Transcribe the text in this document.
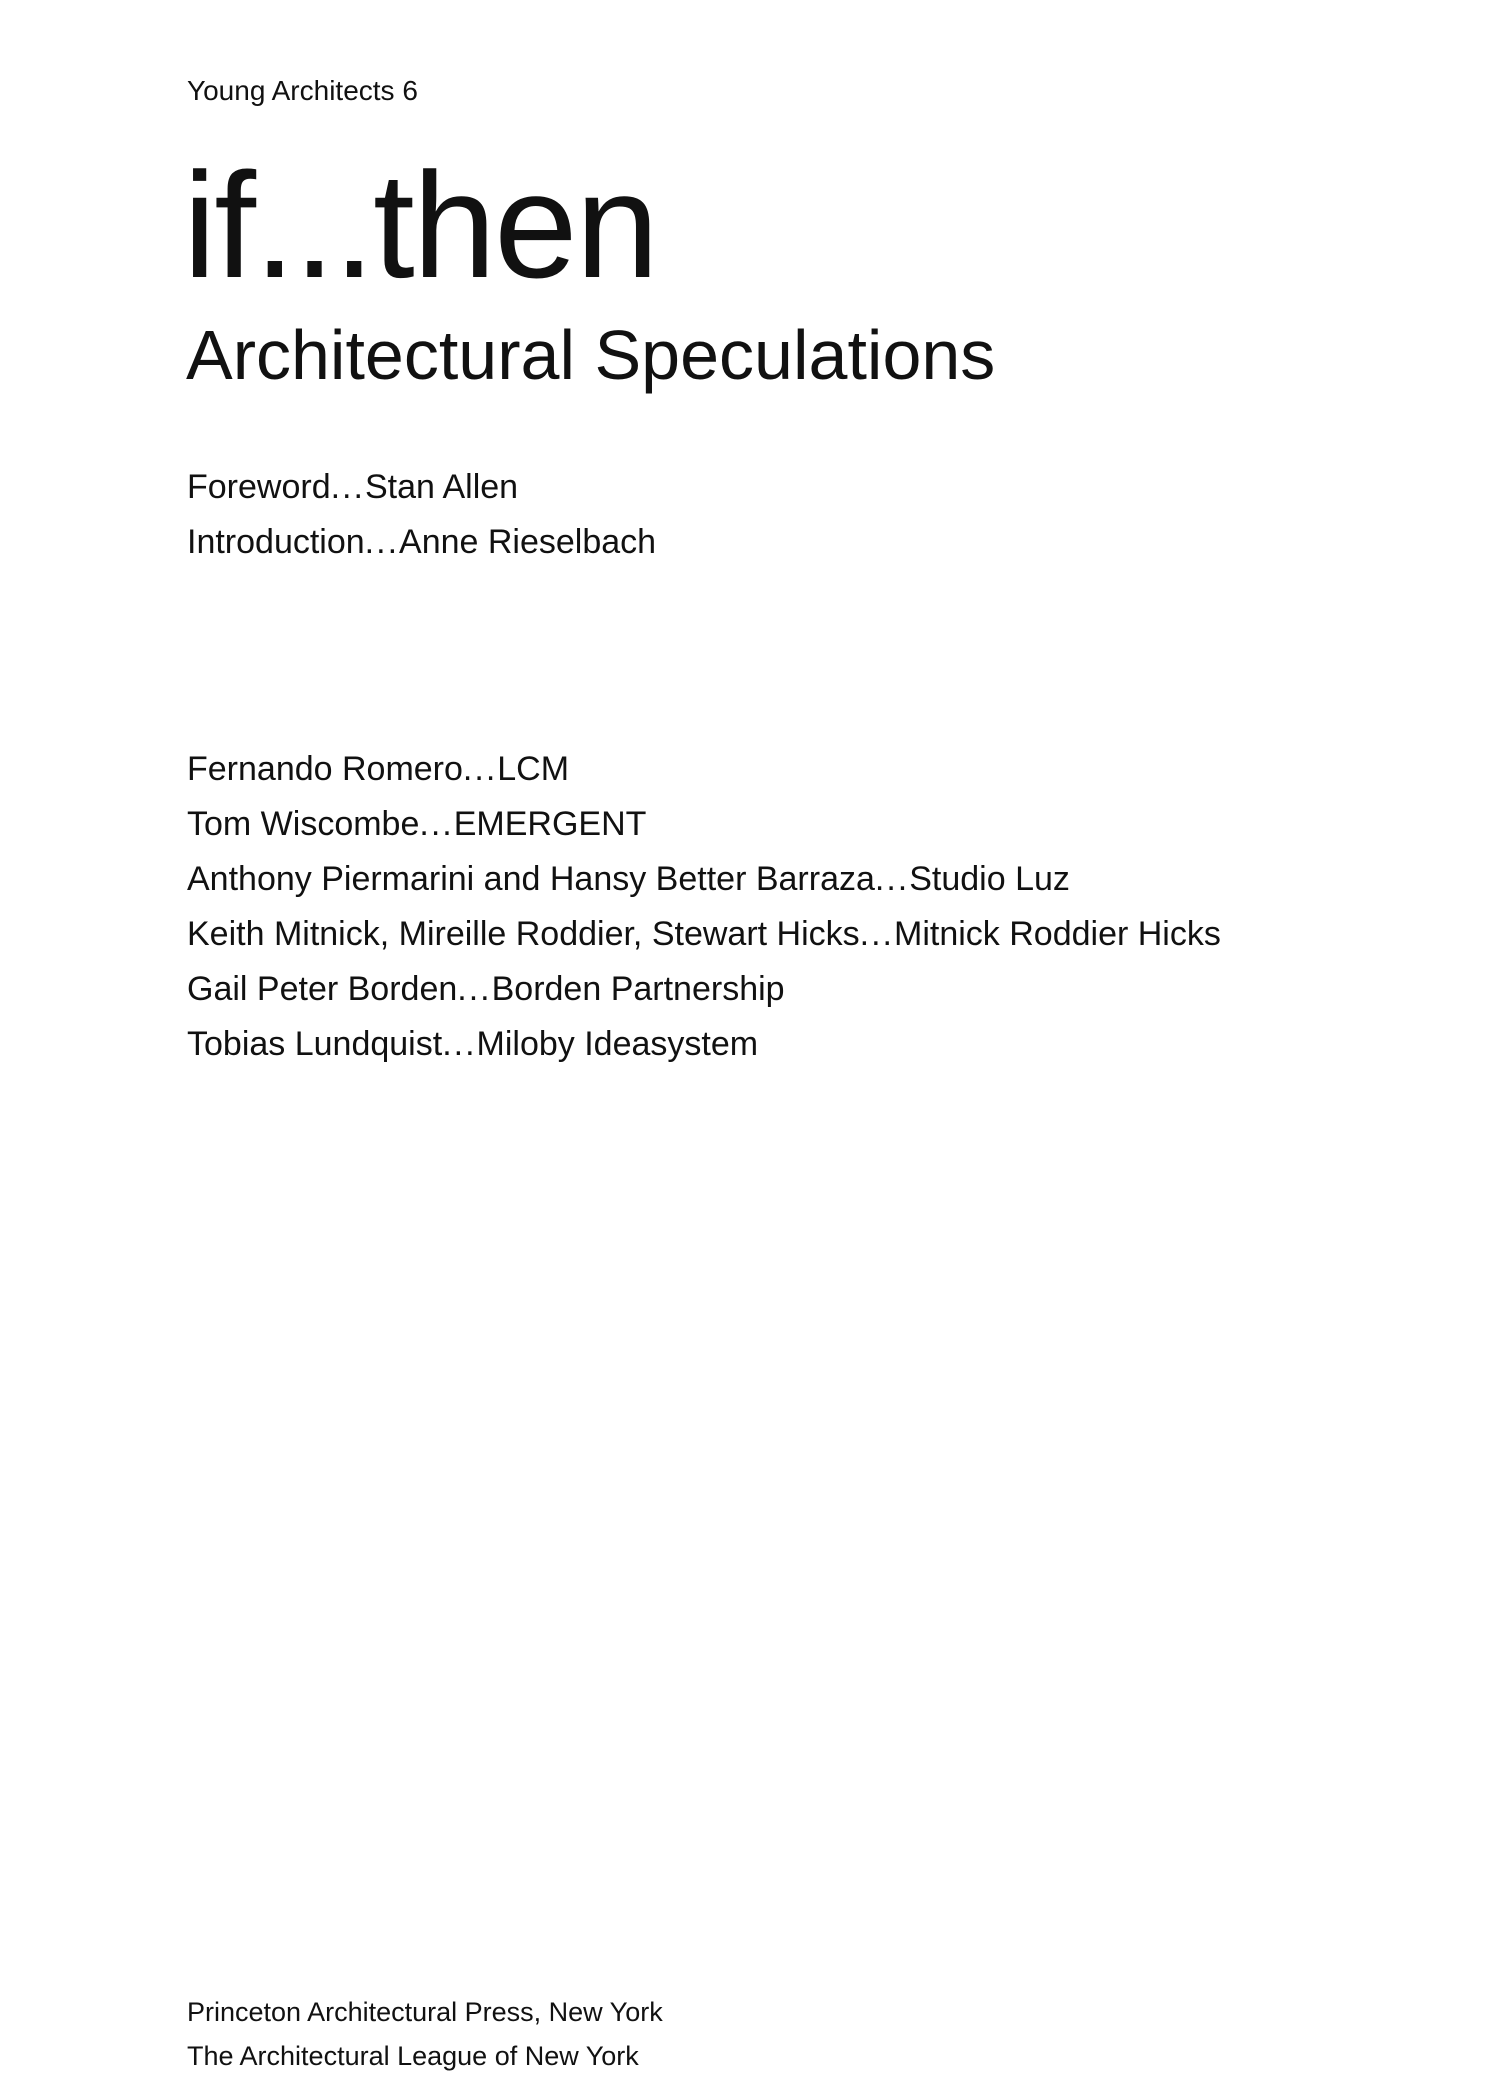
Young Architects 6
if...then
Architectural Speculations
Foreword...Stan Allen
Introduction...Anne Rieselbach
Fernando Romero...LCM
Tom Wiscombe...EMERGENT
Anthony Piermarini and Hansy Better Barraza...Studio Luz
Keith Mitnick, Mireille Roddier, Stewart Hicks...Mitnick Roddier Hicks
Gail Peter Borden...Borden Partnership
Tobias Lundquist...Miloby Ideasystem
Princeton Architectural Press, New York
The Architectural League of New York
